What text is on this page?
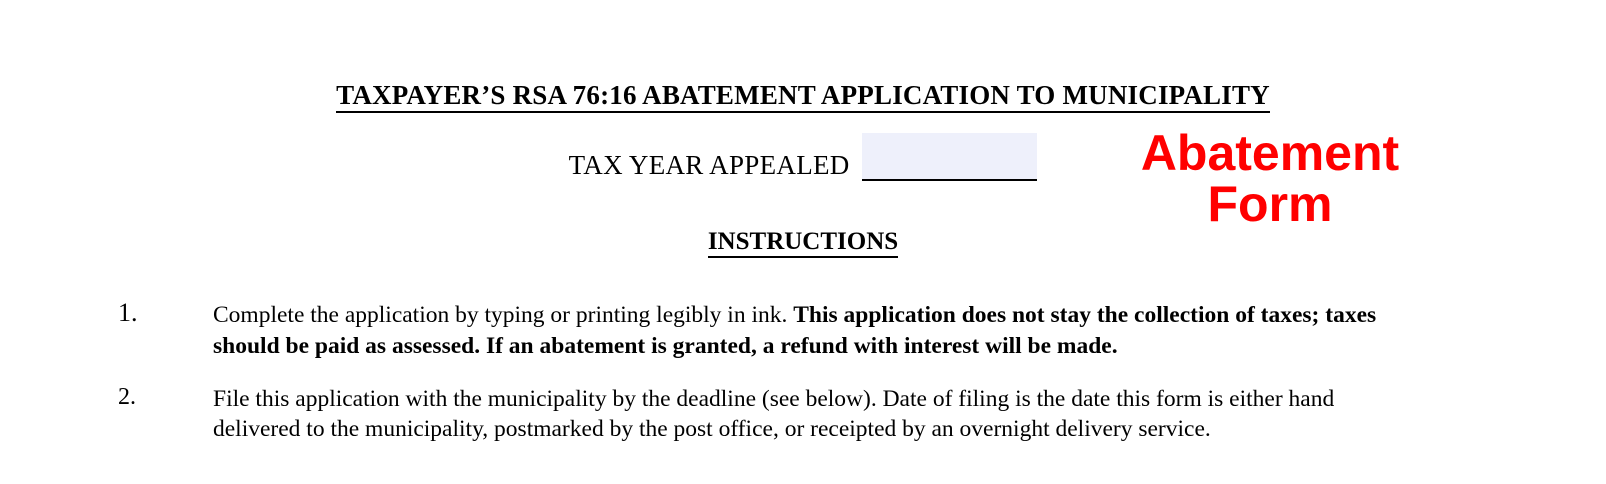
TAXPAYER’S RSA 76:16 ABATEMENT APPLICATION TO MUNICIPALITY
TAX YEAR APPEALED	Abatement
Form
INSTRUCTIONS
1.	Complete the application by typing or printing legibly in ink. This application does not stay the collection of taxes; taxes should be paid as assessed. If an abatement is granted, a refund with interest will be made.
2.	File this application with the municipality by the deadline (see below). Date of filing is the date this form is either hand delivered to the municipality, postmarked by the post office, or receipted by an overnight delivery service.
